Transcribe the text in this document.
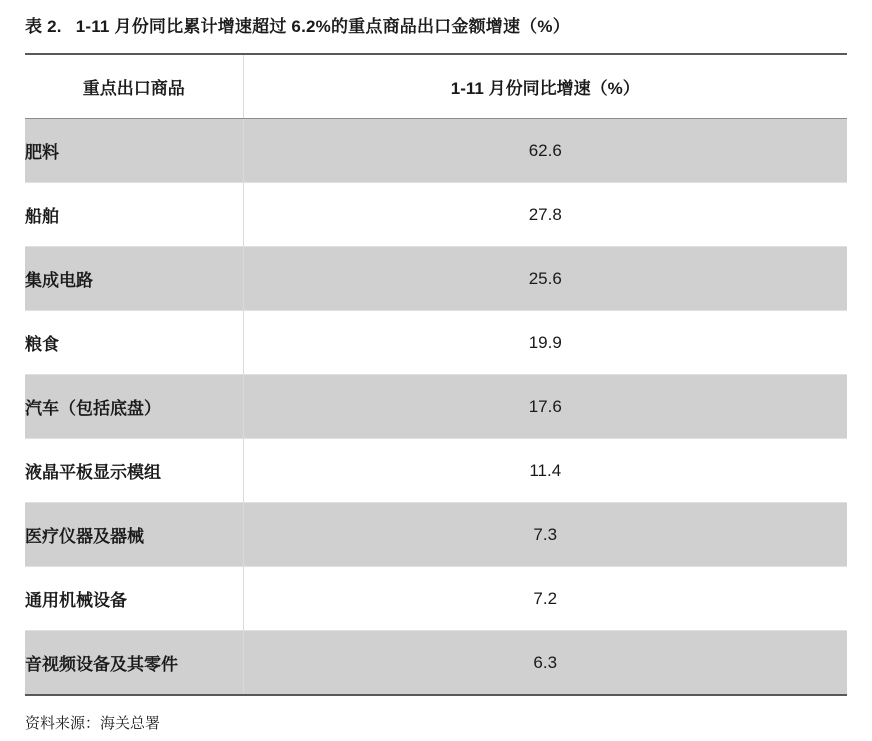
表 2. 1-11 月份同比累计增速超过 6.2%的重点商品出口金额增速（%）
重点出口商品	1-11 月份同比增速（%）
肥料	62.6
船舶	27.8
集成电路	25.6
粮食	19.9
汽车（包括底盘）	17.6
液晶平板显示模组	11.4
医疗仪器及器械	7.3
通用机械设备	7.2
音视频设备及其零件	6.3
资料来源：海关总署
